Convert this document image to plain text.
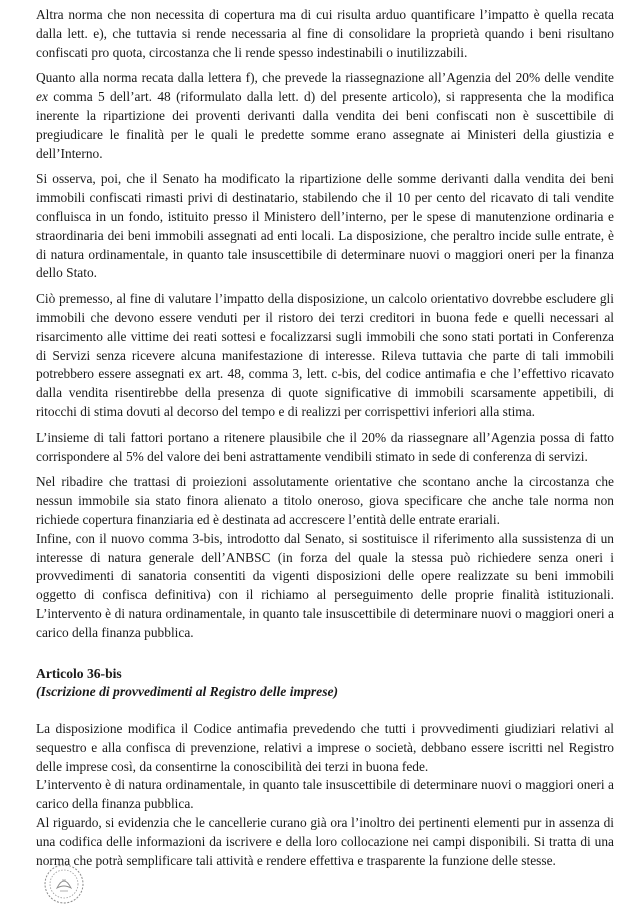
Altra norma che non necessita di copertura ma di cui risulta arduo quantificare l’impatto è quella recata dalla lett. e), che tuttavia si rende necessaria al fine di consolidare la proprietà quando i beni risultano confiscati pro quota, circostanza che li rende spesso indestinabili o inutilizzabili.

Quanto alla norma recata dalla lettera f), che prevede la riassegnazione all’Agenzia del 20% delle vendite ex comma 5 dell’art. 48 (riformulato dalla lett. d) del presente articolo), si rappresenta che la modifica inerente la ripartizione dei proventi derivanti dalla vendita dei beni confiscati non è suscettibile di pregiudicare le finalità per le quali le predette somme erano assegnate ai Ministeri della giustizia e dell’Interno.

Si osserva, poi, che il Senato ha modificato la ripartizione delle somme derivanti dalla vendita dei beni immobili confiscati rimasti privi di destinatario, stabilendo che il 10 per cento del ricavato di tali vendite confluisca in un fondo, istituito presso il Ministero dell’interno, per le spese di manutenzione ordinaria e straordinaria dei beni immobili assegnati ad enti locali. La disposizione, che peraltro incide sulle entrate, è di natura ordinamentale, in quanto tale insuscettibile di determinare nuovi o maggiori oneri per la finanza dello Stato.

Ciò premesso, al fine di valutare l’impatto della disposizione, un calcolo orientativo dovrebbe escludere gli immobili che devono essere venduti per il ristoro dei terzi creditori in buona fede e quelli necessari al risarcimento alle vittime dei reati sottesi e focalizzarsi sugli immobili che sono stati portati in Conferenza di Servizi senza ricevere alcuna manifestazione di interesse. Rileva tuttavia che parte di tali immobili potrebbero essere assegnati ex art. 48, comma 3, lett. c-bis, del codice antimafia e che l’effettivo ricavato dalla vendita risentirebbe della presenza di quote significative di immobili scarsamente appetibili, di ritocchi di stima dovuti al decorso del tempo e di realizzi per corrispettivi inferiori alla stima.

L’insieme di tali fattori portano a ritenere plausibile che il 20% da riassegnare all’Agenzia possa di fatto corrispondere al 5% del valore dei beni astrattamente vendibili stimato in sede di conferenza di servizi.

Nel ribadire che trattasi di proiezioni assolutamente orientative che scontano anche la circostanza che nessun immobile sia stato finora alienato a titolo oneroso, giova specificare che anche tale norma non richiede copertura finanziaria ed è destinata ad accrescere l’entità delle entrate erariali.

Infine, con il nuovo comma 3-bis, introdotto dal Senato, si sostituisce il riferimento alla sussistenza di un interesse di natura generale dell’ANBSC (in forza del quale la stessa può richiedere senza oneri i provvedimenti di sanatoria consentiti da vigenti disposizioni delle opere realizzate su beni immobili oggetto di confisca definitiva) con il richiamo al perseguimento delle proprie finalità istituzionali. L’intervento è di natura ordinamentale, in quanto tale insuscettibile di determinare nuovi o maggiori oneri a carico della finanza pubblica.

Articolo 36-bis
(Iscrizione di provvedimenti al Registro delle imprese)

La disposizione modifica il Codice antimafia prevedendo che tutti i provvedimenti giudiziari relativi al sequestro e alla confisca di prevenzione, relativi a imprese o società, debbano essere iscritti nel Registro delle imprese così, da consentirne la conoscibilità dei terzi in buona fede.

L’intervento è di natura ordinamentale, in quanto tale insuscettibile di determinare nuovi o maggiori oneri a carico della finanza pubblica.

Al riguardo, si evidenzia che le cancellerie curano già ora l’inoltro dei pertinenti elementi pur in assenza di una codifica delle informazioni da iscrivere e della loro collocazione nei campi disponibili. Si tratta di una norma che potrà semplificare tali attività e rendere effettiva e trasparente la funzione delle stesse.
